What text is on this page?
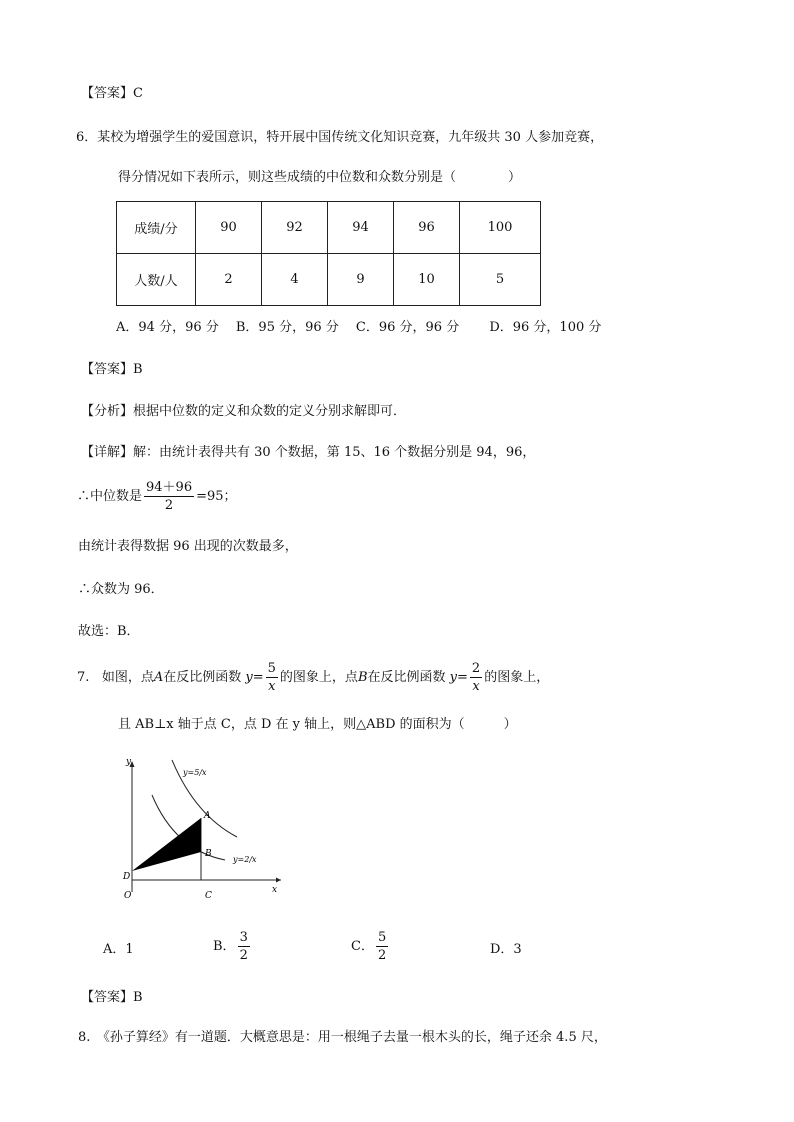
【答案】C
6．某校为增强学生的爱国意识，特开展中国传统文化知识竞赛，九年级共 30 人参加竞赛，
得分情况如下表所示，则这些成绩的中位数和众数分别是（　　　　）
成绩/分	90	92	94	96	100
人数/人	2	4	9	10	5
A．94 分，96 分　 B．95 分，96 分　 C．96 分，96 分　　 D．96 分，100 分
【答案】B
【分析】根据中位数的定义和众数的定义分别求解即可．
【详解】解：由统计表得共有 30 个数据，第 15、16 个数据分别是 94，96，
∴中位数是 $\frac{94+96}{2} =95$；
由统计表得数据 96 出现的次数最多，
∴众数为 96．
故选：B．
7. 如图，点A在反比例函数 $y= \frac{5}{x}$ 的图象上，点B在反比例函数 $y= \frac{2}{x}$ 的图象上，
且 AB⊥x 轴于点 C，点 D 在 y 轴上，则△ABD 的面积为（　　　）
y
x
O	C
D
A
B
y=5/x
y=2/x
A．1	B． $\frac{3}{2}$	C． $\frac{5}{2}$	D．3
【答案】B
8.　《孙子算经》有一道题．大概意思是：用一根绳子去量一根木头的长，绳子还余 4.5 尺，
